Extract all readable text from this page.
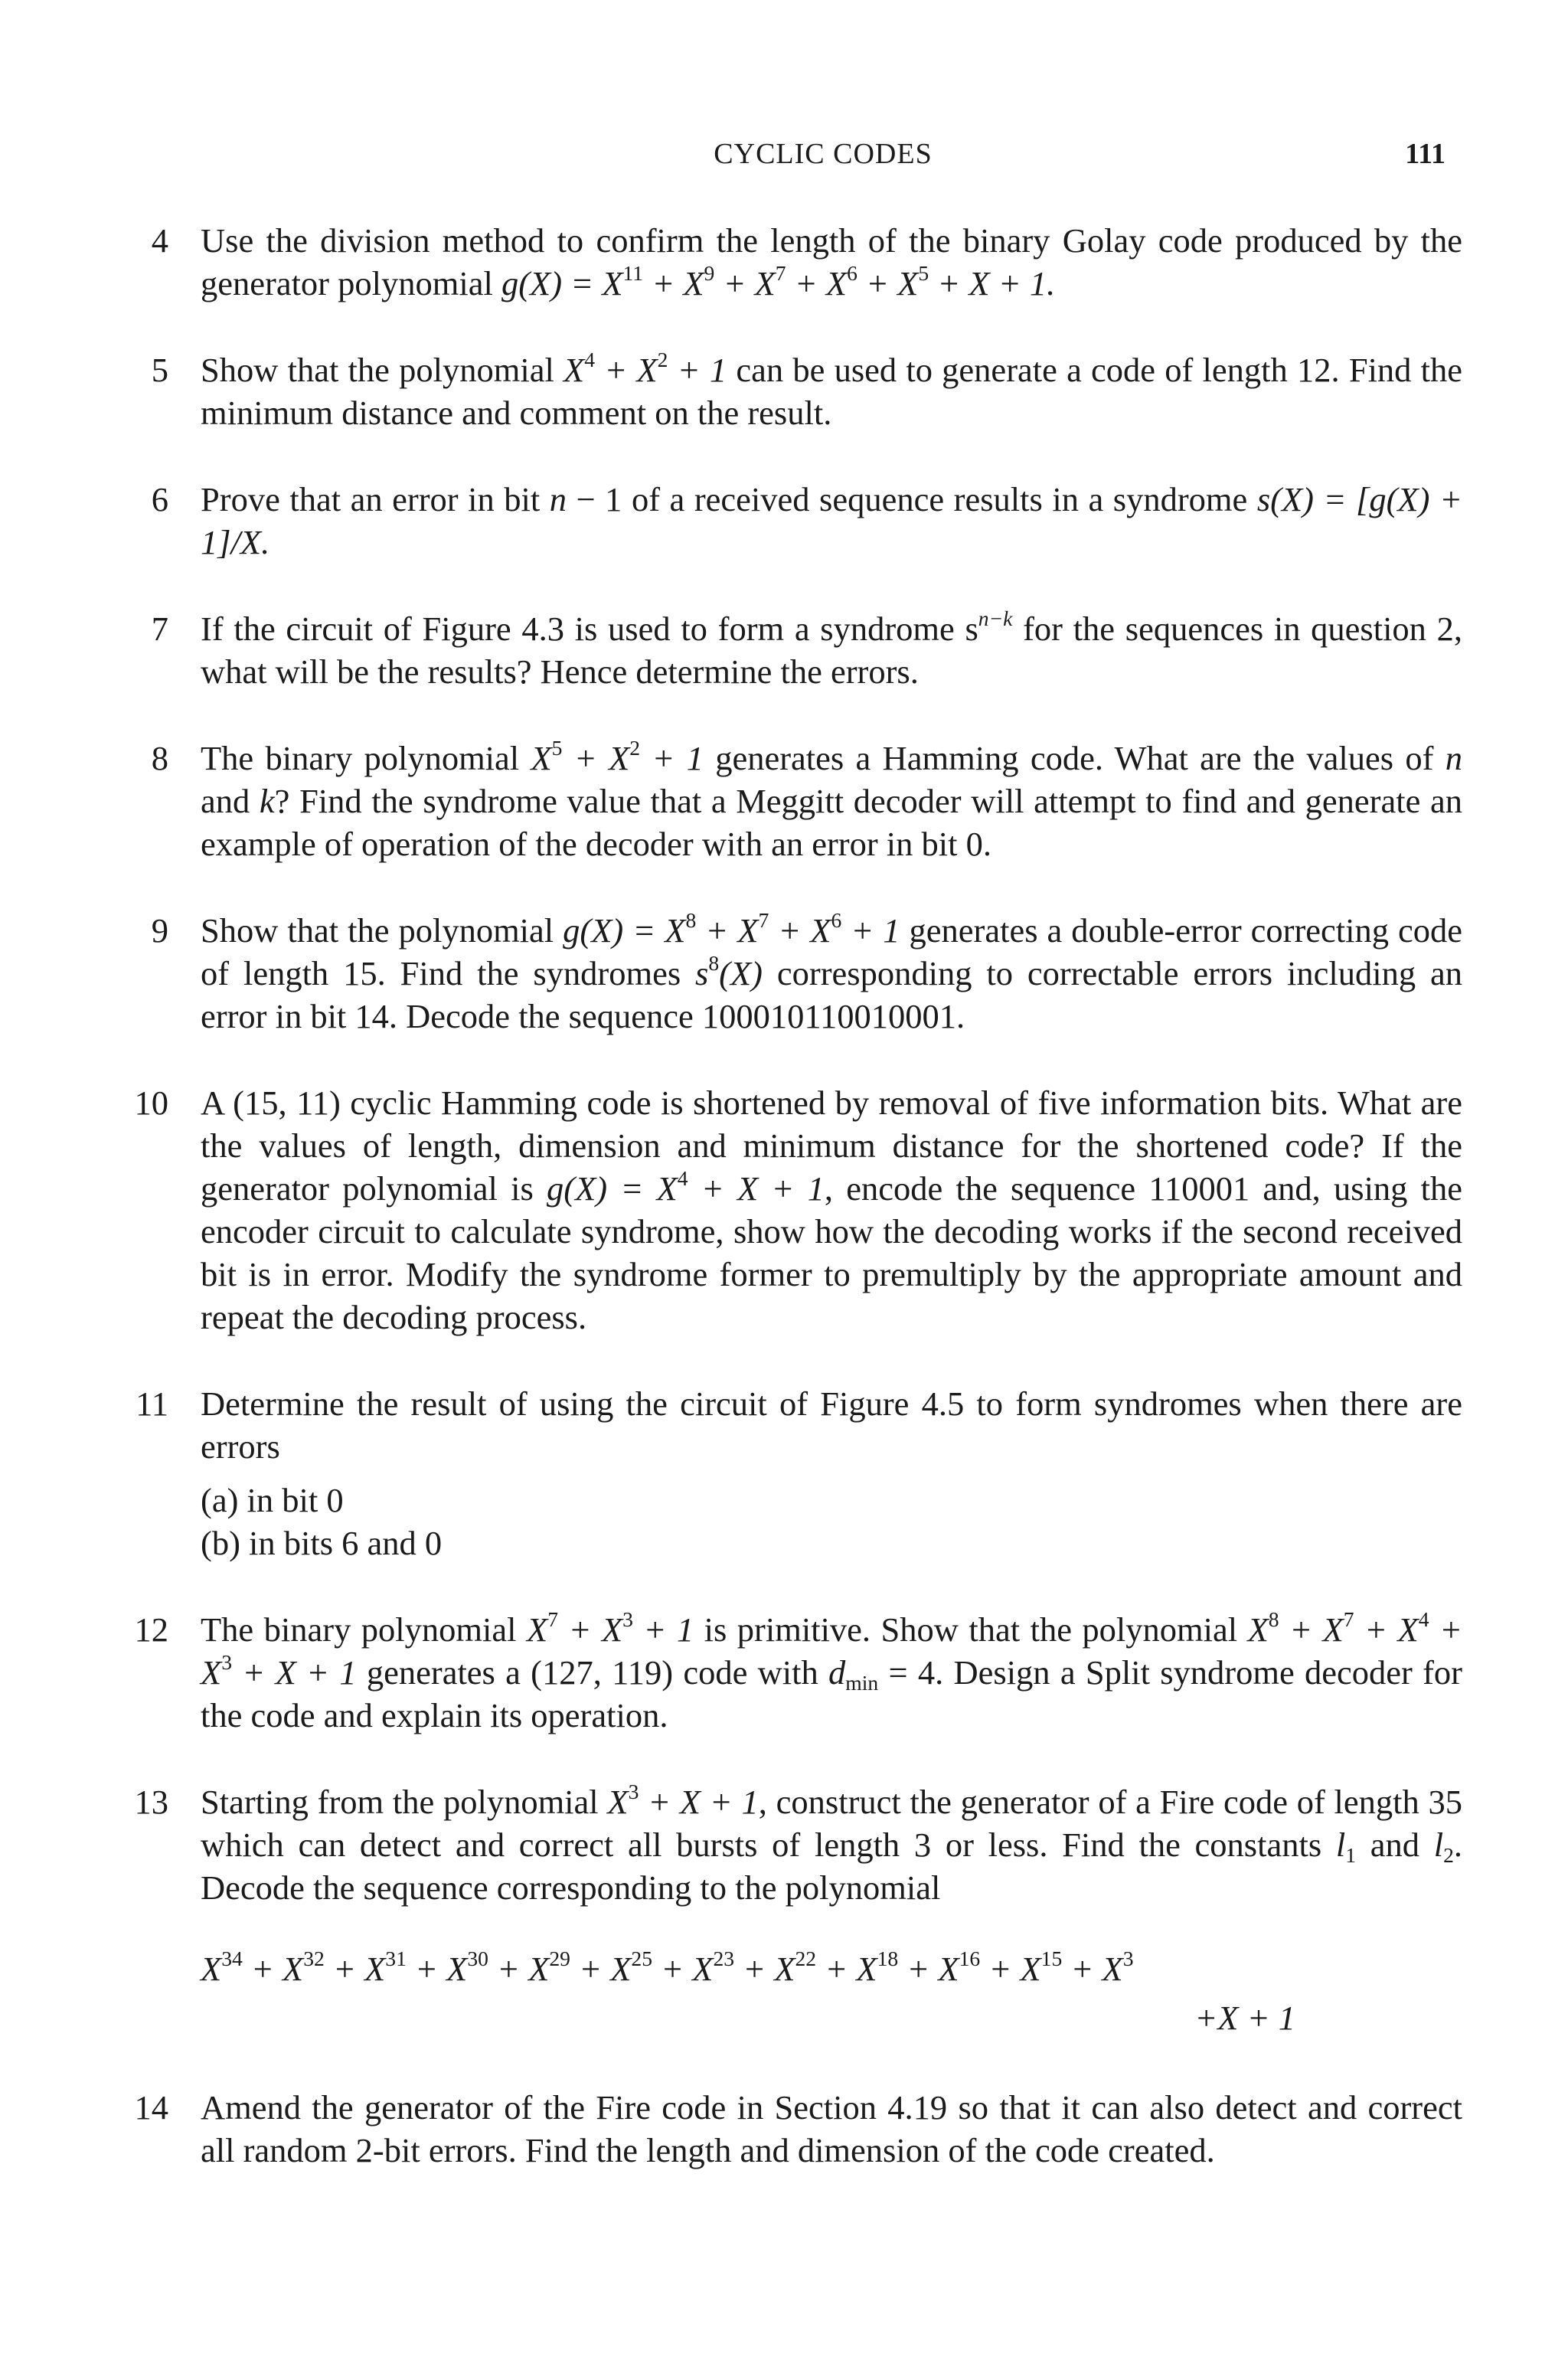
CYCLIC CODES	111
4 Use the division method to confirm the length of the binary Golay code produced by the generator polynomial $g(X) = X^{11} + X^9 + X^7 + X^6 + X^5 + X + 1$.
5 Show that the polynomial $X^4 + X^2 + 1$ can be used to generate a code of length 12. Find the minimum distance and comment on the result.
6 Prove that an error in bit n − 1 of a received sequence results in a syndrome s(X) = [g(X) + 1]/X.
7 If the circuit of Figure 4.3 is used to form a syndrome $s^{n-k}$ for the sequences in question 2, what will be the results? Hence determine the errors.
8 The binary polynomial $X^5 + X^2 + 1$ generates a Hamming code. What are the values of n and k? Find the syndrome value that a Meggitt decoder will attempt to find and generate an example of operation of the decoder with an error in bit 0.
9 Show that the polynomial $g(X) = X^8 + X^7 + X^6 + 1$ generates a double-error correcting code of length 15. Find the syndromes $s^8(X)$ corresponding to correctable errors including an error in bit 14. Decode the sequence 100010110010001.
10 A (15, 11) cyclic Hamming code is shortened by removal of five information bits. What are the values of length, dimension and minimum distance for the shortened code? If the generator polynomial is $g(X) = X^4 + X + 1$, encode the sequence 110001 and, using the encoder circuit to calculate syndrome, show how the decoding works if the second received bit is in error. Modify the syndrome former to premultiply by the appropriate amount and repeat the decoding process.
11 Determine the result of using the circuit of Figure 4.5 to form syndromes when there are errors
(a) in bit 0
(b) in bits 6 and 0
12 The binary polynomial $X^7 + X^3 + 1$ is primitive. Show that the polynomial $X^8 + X^7 + X^4 + X^3 + X + 1$ generates a (127, 119) code with $d_{min} = 4$. Design a Split syndrome decoder for the code and explain its operation.
13 Starting from the polynomial $X^3 + X + 1$, construct the generator of a Fire code of length 35 which can detect and correct all bursts of length 3 or less. Find the constants $l_1$ and $l_2$. Decode the sequence corresponding to the polynomial
$X^{34} + X^{32} + X^{31} + X^{30} + X^{29} + X^{25} + X^{23} + X^{22} + X^{18} + X^{16} + X^{15} + X^3$
+X + 1
14 Amend the generator of the Fire code in Section 4.19 so that it can also detect and correct all random 2-bit errors. Find the length and dimension of the code created.
